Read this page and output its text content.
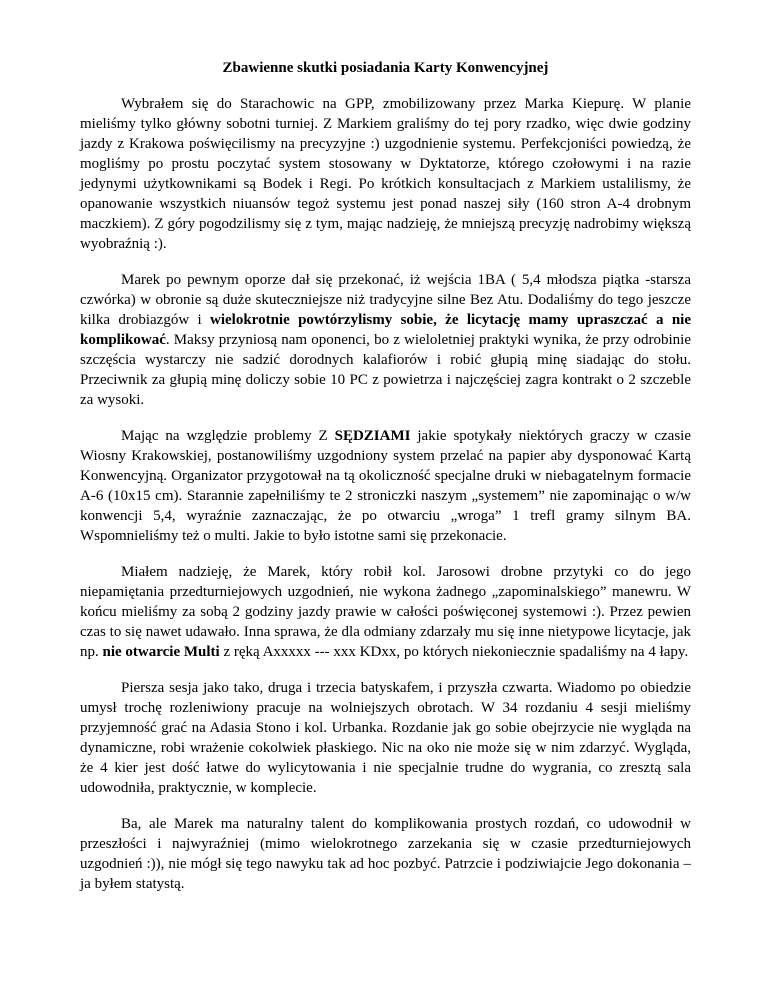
Zbawienne skutki posiadania Karty Konwencyjnej

Wybrałem się do Starachowic na GPP, zmobilizowany przez Marka Kiepurę. W planie mieliśmy tylko główny sobotni turniej. Z Markiem graliśmy do tej pory rzadko, więc dwie godziny jazdy z Krakowa poświęcilismy na precyzyjne :) uzgodnienie systemu. Perfekcjoniści powiedzą, że mogliśmy po prostu poczytać system stosowany w Dyktatorze, którego czołowymi i na razie jedynymi użytkownikami są Bodek i Regi. Po krótkich konsultacjach z Markiem ustalilismy, że opanowanie wszystkich niuansów tegoż systemu jest ponad naszej siły (160 stron A-4 drobnym maczkiem). Z góry pogodzilismy się z tym, mając nadzieję, że mniejszą precyzję nadrobimy większą wyobraźnią :).

Marek po pewnym oporze dał się przekonać, iż wejścia 1BA ( 5,4 młodsza piątka -starsza czwórka) w obronie są duże skuteczniejsze niż tradycyjne silne Bez Atu. Dodaliśmy do tego jeszcze kilka drobiazgów i wielokrotnie powtórzylismy sobie, że licytację mamy upraszczać a nie komplikować. Maksy przyniosą nam oponenci, bo z wieloletniej praktyki wynika, że przy odrobinie szczęścia wystarczy nie sadzić dorodnych kalafiorów i robić głupią minę siadając do stołu. Przeciwnik za głupią minę doliczy sobie 10 PC z powietrza i najczęściej zagra kontrakt o 2 szczeble za wysoki.

Mając na względzie problemy Z SĘDZIAMI jakie spotykały niektórych graczy w czasie Wiosny Krakowskiej, postanowiliśmy uzgodniony system przelać na papier aby dysponować Kartą Konwencyjną. Organizator przygotował na tą okoliczność specjalne druki w niebagatelnym formacie A-6 (10x15 cm). Starannie zapełniliśmy te 2 stroniczki naszym „systemem” nie zapominając o w/w konwencji 5,4, wyraźnie zaznaczając, że po otwarciu „wroga” 1 trefl gramy silnym BA. Wspomnieliśmy też o multi. Jakie to było istotne sami się przekonacie.

Miałem nadzieję, że Marek, który robił kol. Jarosowi drobne przytyki co do jego niepamiętania przedturniejowych uzgodnień, nie wykona żadnego „zapominalskiego” manewru. W końcu mieliśmy za sobą 2 godziny jazdy prawie w całości poświęconej systemowi :). Przez pewien czas to się nawet udawało. Inna sprawa, że dla odmiany zdarzały mu się inne nietypowe licytacje, jak np. nie otwarcie Multi z ręką Axxxxx --- xxx KDxx, po których niekoniecznie spadaliśmy na 4 łapy.

Piersza sesja jako tako, druga i trzecia batyskafem, i przyszła czwarta. Wiadomo po obiedzie umysł trochę rozleniwiony pracuje na wolniejszych obrotach. W 34 rozdaniu 4 sesji mieliśmy przyjemność grać na Adasia Stono i kol. Urbanka. Rozdanie jak go sobie obejrzycie nie wygląda na dynamiczne, robi wrażenie cokolwiek płaskiego. Nic na oko nie może się w nim zdarzyć. Wygląda, że 4 kier jest dość łatwe do wylicytowania i nie specjalnie trudne do wygrania, co zresztą sala udowodniła, praktycznie, w komplecie.

Ba, ale Marek ma naturalny talent do komplikowania prostych rozdań, co udowodnił w przeszłości i najwyraźniej (mimo wielokrotnego zarzekania się w czasie przedturniejowych uzgodnień :)), nie mógł się tego nawyku tak ad hoc pozbyć. Patrzcie i podziwiajcie Jego dokonania – ja byłem statystą.
